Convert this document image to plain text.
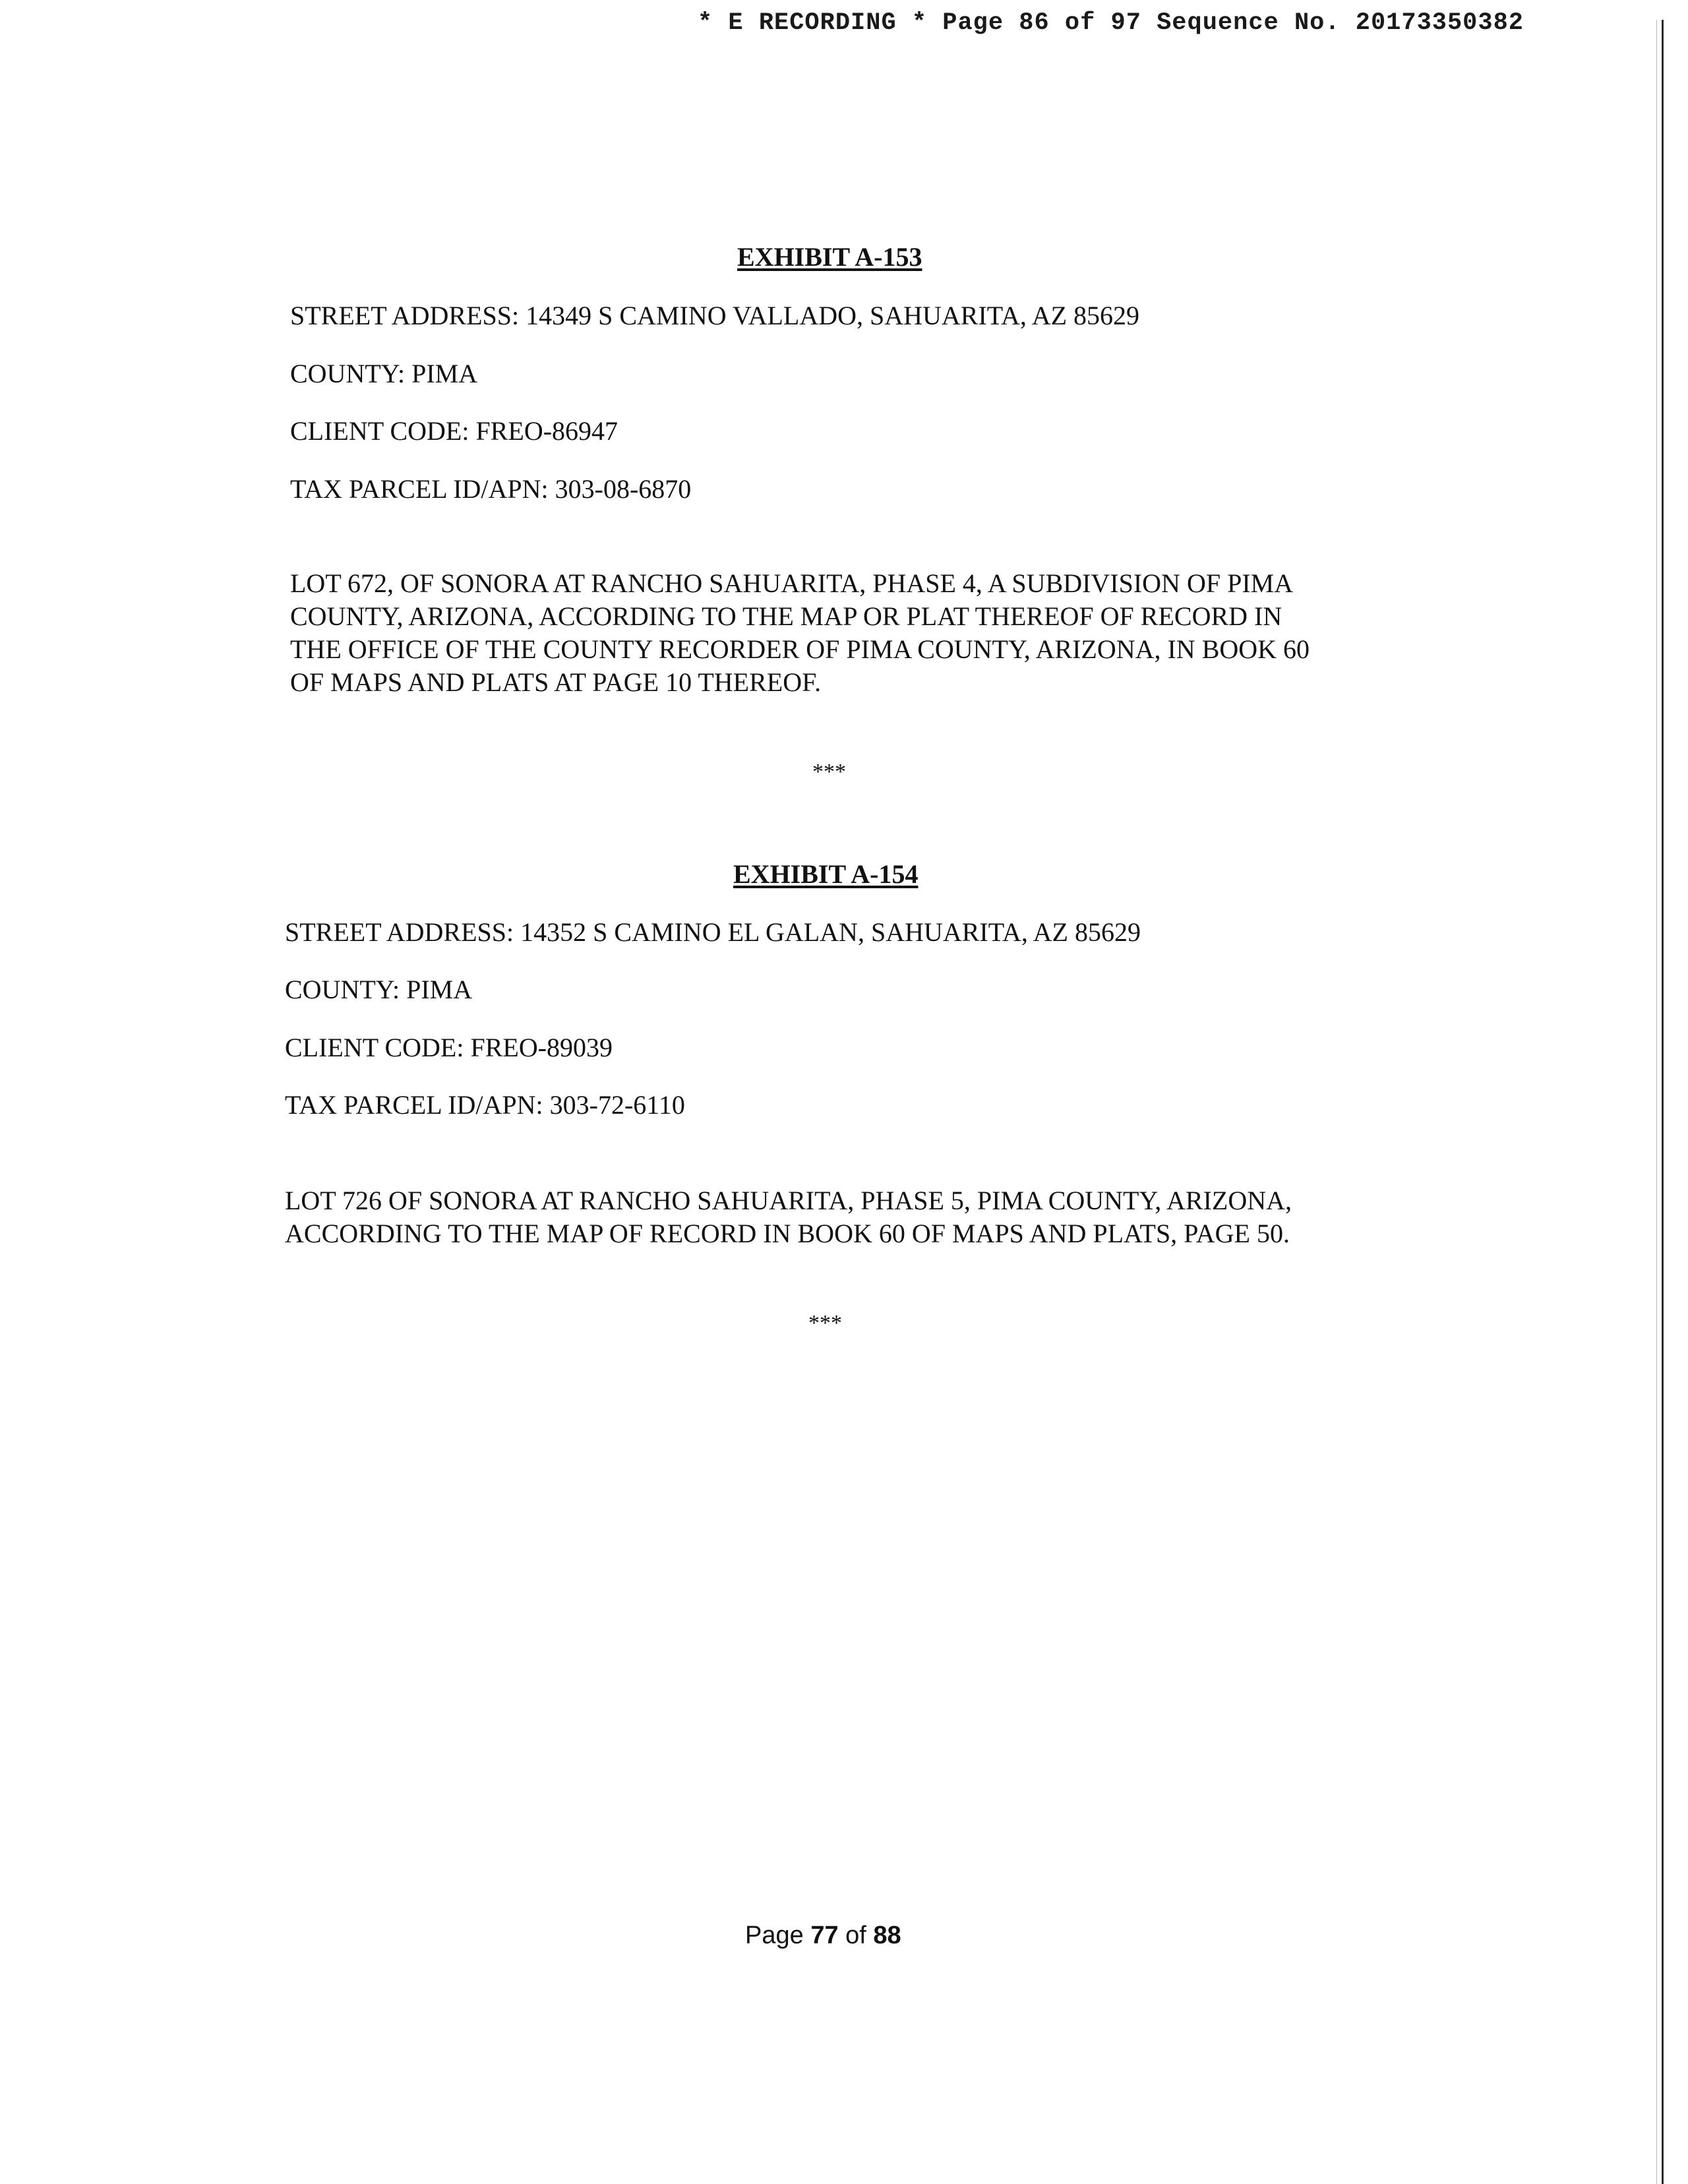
* E RECORDING * Page 86 of 97 Sequence No. 20173350382
EXHIBIT A-153
STREET ADDRESS: 14349 S CAMINO VALLADO, SAHUARITA, AZ 85629
COUNTY: PIMA
CLIENT CODE: FREO-86947
TAX PARCEL ID/APN: 303-08-6870
LOT 672, OF SONORA AT RANCHO SAHUARITA, PHASE 4, A SUBDIVISION OF PIMA
COUNTY, ARIZONA, ACCORDING TO THE MAP OR PLAT THEREOF OF RECORD IN
THE OFFICE OF THE COUNTY RECORDER OF PIMA COUNTY, ARIZONA, IN BOOK 60
OF MAPS AND PLATS AT PAGE 10 THEREOF.
***
EXHIBIT A-154
STREET ADDRESS: 14352 S CAMINO EL GALAN, SAHUARITA, AZ 85629
COUNTY: PIMA
CLIENT CODE: FREO-89039
TAX PARCEL ID/APN: 303-72-6110
LOT 726 OF SONORA AT RANCHO SAHUARITA, PHASE 5, PIMA COUNTY, ARIZONA,
ACCORDING TO THE MAP OF RECORD IN BOOK 60 OF MAPS AND PLATS, PAGE 50.
***
Page 77 of 88
